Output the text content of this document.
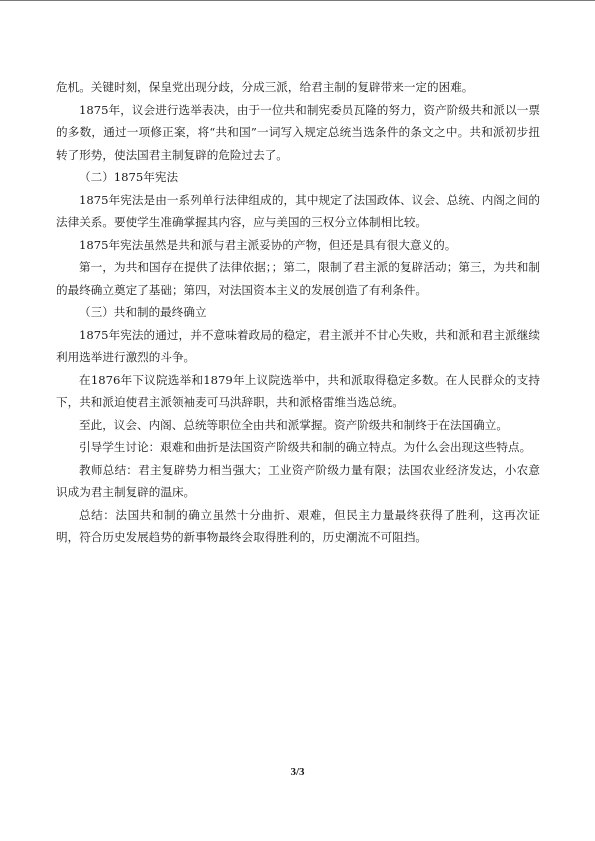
危机。关键时刻，保皇党出现分歧，分成三派，给君主制的复辟带来一定的困难。

1875年，议会进行选举表决，由于一位共和制宪委员瓦隆的努力，资产阶级共和派以一票的多数，通过一项修正案，将“共和国”一词写入规定总统当选条件的条文之中。共和派初步扭转了形势，使法国君主制复辟的危险过去了。

（二）1875年宪法

1875年宪法是由一系列单行法律组成的，其中规定了法国政体、议会、总统、内阁之间的法律关系。要使学生准确掌握其内容，应与美国的三权分立体制相比较。

1875年宪法虽然是共和派与君主派妥协的产物，但还是具有很大意义的。

第一，为共和国存在提供了法律依据；；第二，限制了君主派的复辟活动；第三，为共和制的最终确立奠定了基础；第四，对法国资本主义的发展创造了有利条件。

（三）共和制的最终确立

1875年宪法的通过，并不意味着政局的稳定，君主派并不甘心失败，共和派和君主派继续利用选举进行激烈的斗争。

在1876年下议院选举和1879年上议院选举中，共和派取得稳定多数。在人民群众的支持下，共和派迫使君主派领袖麦可马洪辞职，共和派格雷维当选总统。

至此，议会、内阁、总统等职位全由共和派掌握。资产阶级共和制终于在法国确立。

引导学生讨论：艰难和曲折是法国资产阶级共和制的确立特点。为什么会出现这些特点。

教师总结：君主复辟势力相当强大；工业资产阶级力量有限；法国农业经济发达，小农意识成为君主制复辟的温床。

总结：法国共和制的确立虽然十分曲折、艰难，但民主力量最终获得了胜利，这再次证明，符合历史发展趋势的新事物最终会取得胜利的，历史潮流不可阻挡。

3/3
